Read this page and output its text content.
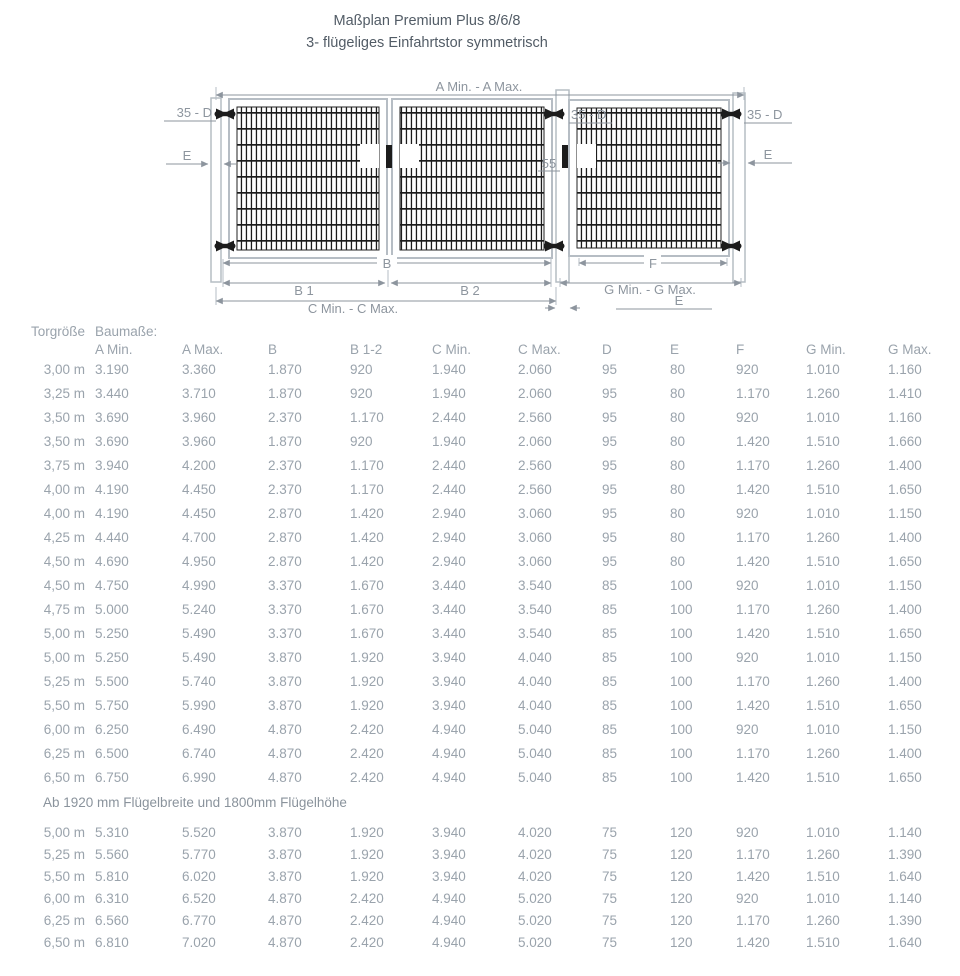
Maßplan Premium Plus 8/6/8
3- flügeliges Einfahrtstor symmetrisch
A Min. - A Max.
35 - D
E
55
35 - D	35 - D
E
B
B 1	B 2
F
G Min. - G Max.
C Min. - C Max.
E
Torgröße Baumaße:
A Min.	A Max.	B	B 1-2	C Min.	C Max.	D	E	F	G Min.	G Max.
3,00 m 3.190	3.360	1.870	920	1.940	2.060	95	80	920	1.010	1.160
3,25 m 3.440	3.710	1.870	920	1.940	2.060	95	80	1.170	1.260	1.410
3,50 m 3.690	3.960	2.370	1.170	2.440	2.560	95	80	920	1.010	1.160
3,50 m 3.690	3.960	1.870	920	1.940	2.060	95	80	1.420	1.510	1.660
3,75 m 3.940	4.200	2.370	1.170	2.440	2.560	95	80	1.170	1.260	1.400
4,00 m 4.190	4.450	2.370	1.170	2.440	2.560	95	80	1.420	1.510	1.650
4,00 m 4.190	4.450	2.870	1.420	2.940	3.060	95	80	920	1.010	1.150
4,25 m 4.440	4.700	2.870	1.420	2.940	3.060	95	80	1.170	1.260	1.400
4,50 m 4.690	4.950	2.870	1.420	2.940	3.060	95	80	1.420	1.510	1.650
4,50 m 4.750	4.990	3.370	1.670	3.440	3.540	85	100	920	1.010	1.150
4,75 m 5.000	5.240	3.370	1.670	3.440	3.540	85	100	1.170	1.260	1.400
5,00 m 5.250	5.490	3.370	1.670	3.440	3.540	85	100	1.420	1.510	1.650
5,00 m 5.250	5.490	3.870	1.920	3.940	4.040	85	100	920	1.010	1.150
5,25 m 5.500	5.740	3.870	1.920	3.940	4.040	85	100	1.170	1.260	1.400
5,50 m 5.750	5.990	3.870	1.920	3.940	4.040	85	100	1.420	1.510	1.650
6,00 m 6.250	6.490	4.870	2.420	4.940	5.040	85	100	920	1.010	1.150
6,25 m 6.500	6.740	4.870	2.420	4.940	5.040	85	100	1.170	1.260	1.400
6,50 m 6.750	6.990	4.870	2.420	4.940	5.040	85	100	1.420	1.510	1.650
Ab 1920 mm Flügelbreite und 1800mm Flügelhöhe
5,00 m 5.310	5.520	3.870	1.920	3.940	4.020	75	120	920	1.010	1.140
5,25 m 5.560	5.770	3.870	1.920	3.940	4.020	75	120	1.170	1.260	1.390
5,50 m 5.810	6.020	3.870	1.920	3.940	4.020	75	120	1.420	1.510	1.640
6,00 m 6.310	6.520	4.870	2.420	4.940	5.020	75	120	920	1.010	1.140
6,25 m 6.560	6.770	4.870	2.420	4.940	5.020	75	120	1.170	1.260	1.390
6,50 m 6.810	7.020	4.870	2.420	4.940	5.020	75	120	1.420	1.510	1.640
